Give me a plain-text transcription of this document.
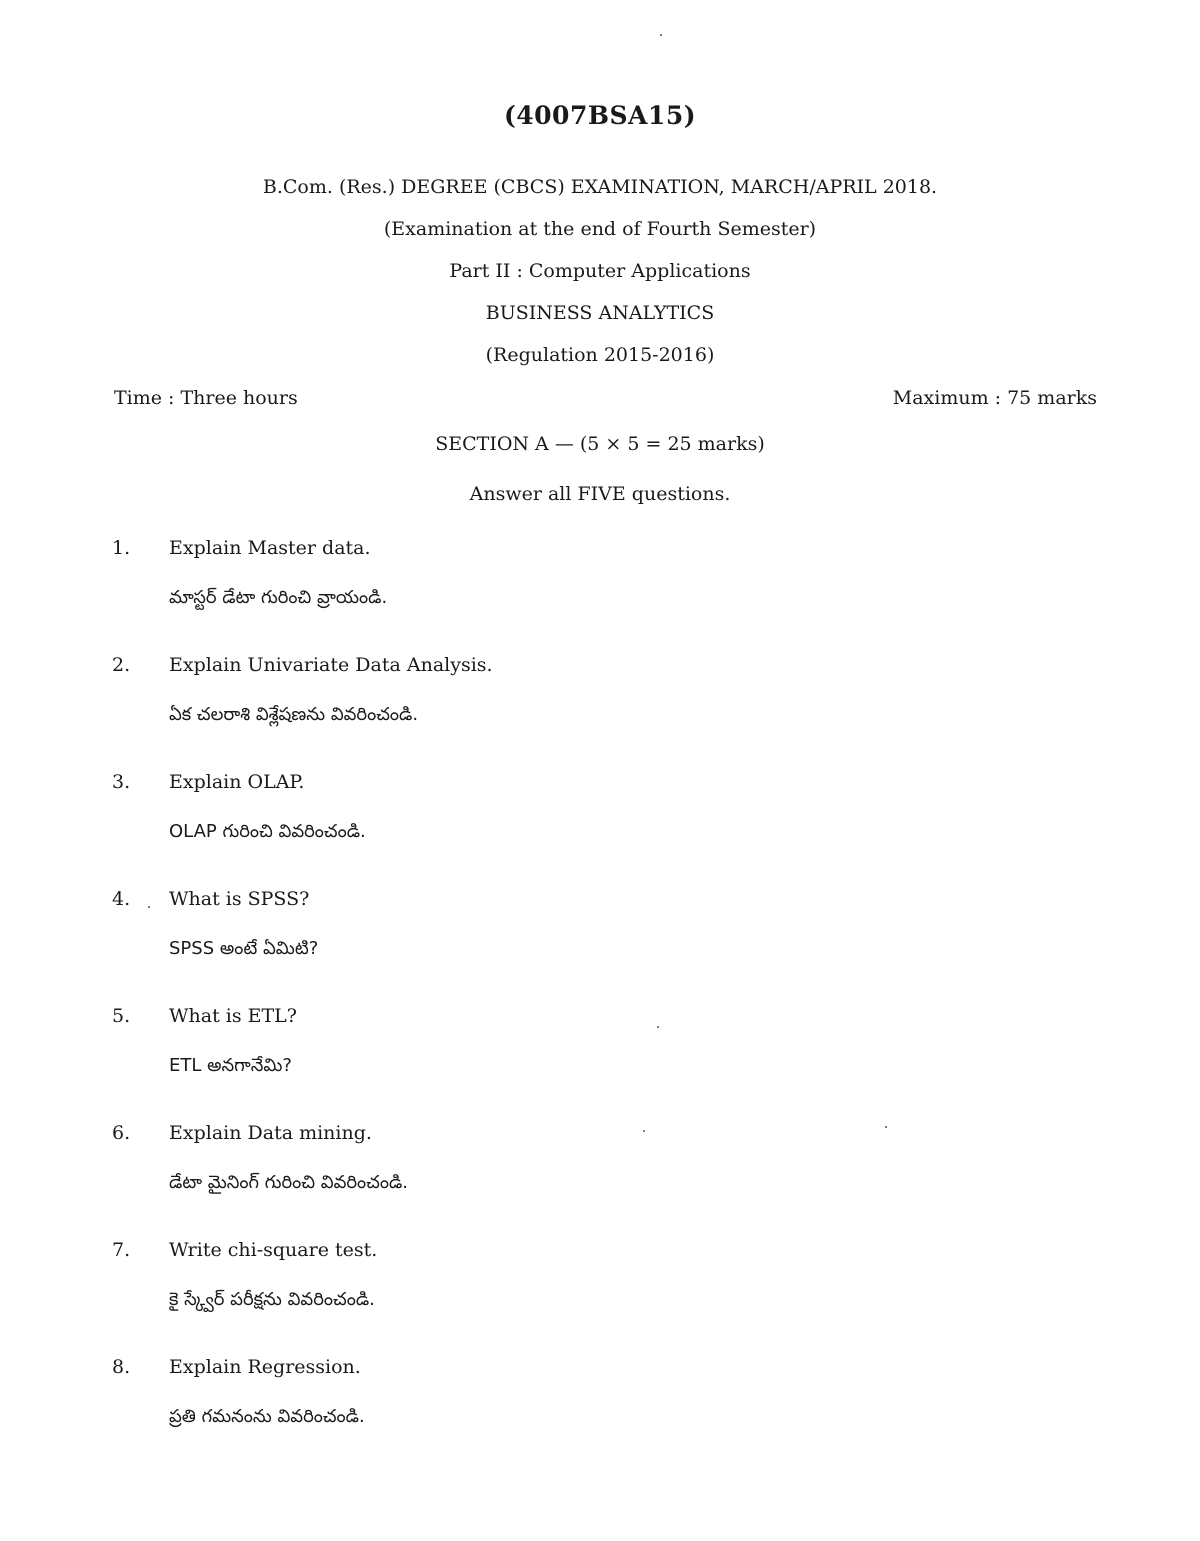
(4007BSA15)
B.Com. (Res.) DEGREE (CBCS) EXAMINATION, MARCH/APRIL 2018.
(Examination at the end of Fourth Semester)
Part II : Computer Applications
BUSINESS ANALYTICS
(Regulation 2015-2016)
Time : Three hours	Maximum : 75 marks
SECTION A — (5 × 5 = 25 marks)
Answer all FIVE questions.
1. Explain Master data.
మాస్టర్ డేటా గురించి వ్రాయండి.
2. Explain Univariate Data Analysis.
ఏక చలరాశి విశ్లేషణను వివరించండి.
3. Explain OLAP.
OLAP గురించి వివరించండి.
4. What is SPSS?
SPSS అంటే ఏమిటి?
5. What is ETL?
ETL అనగానేమి?
6. Explain Data mining.
డేటా మైనింగ్ గురించి వివరించండి.
7. Write chi-square test.
కై స్క్వేర్ పరీక్షను వివరించండి.
8. Explain Regression.
ప్రతి గమనంను వివరించండి.
